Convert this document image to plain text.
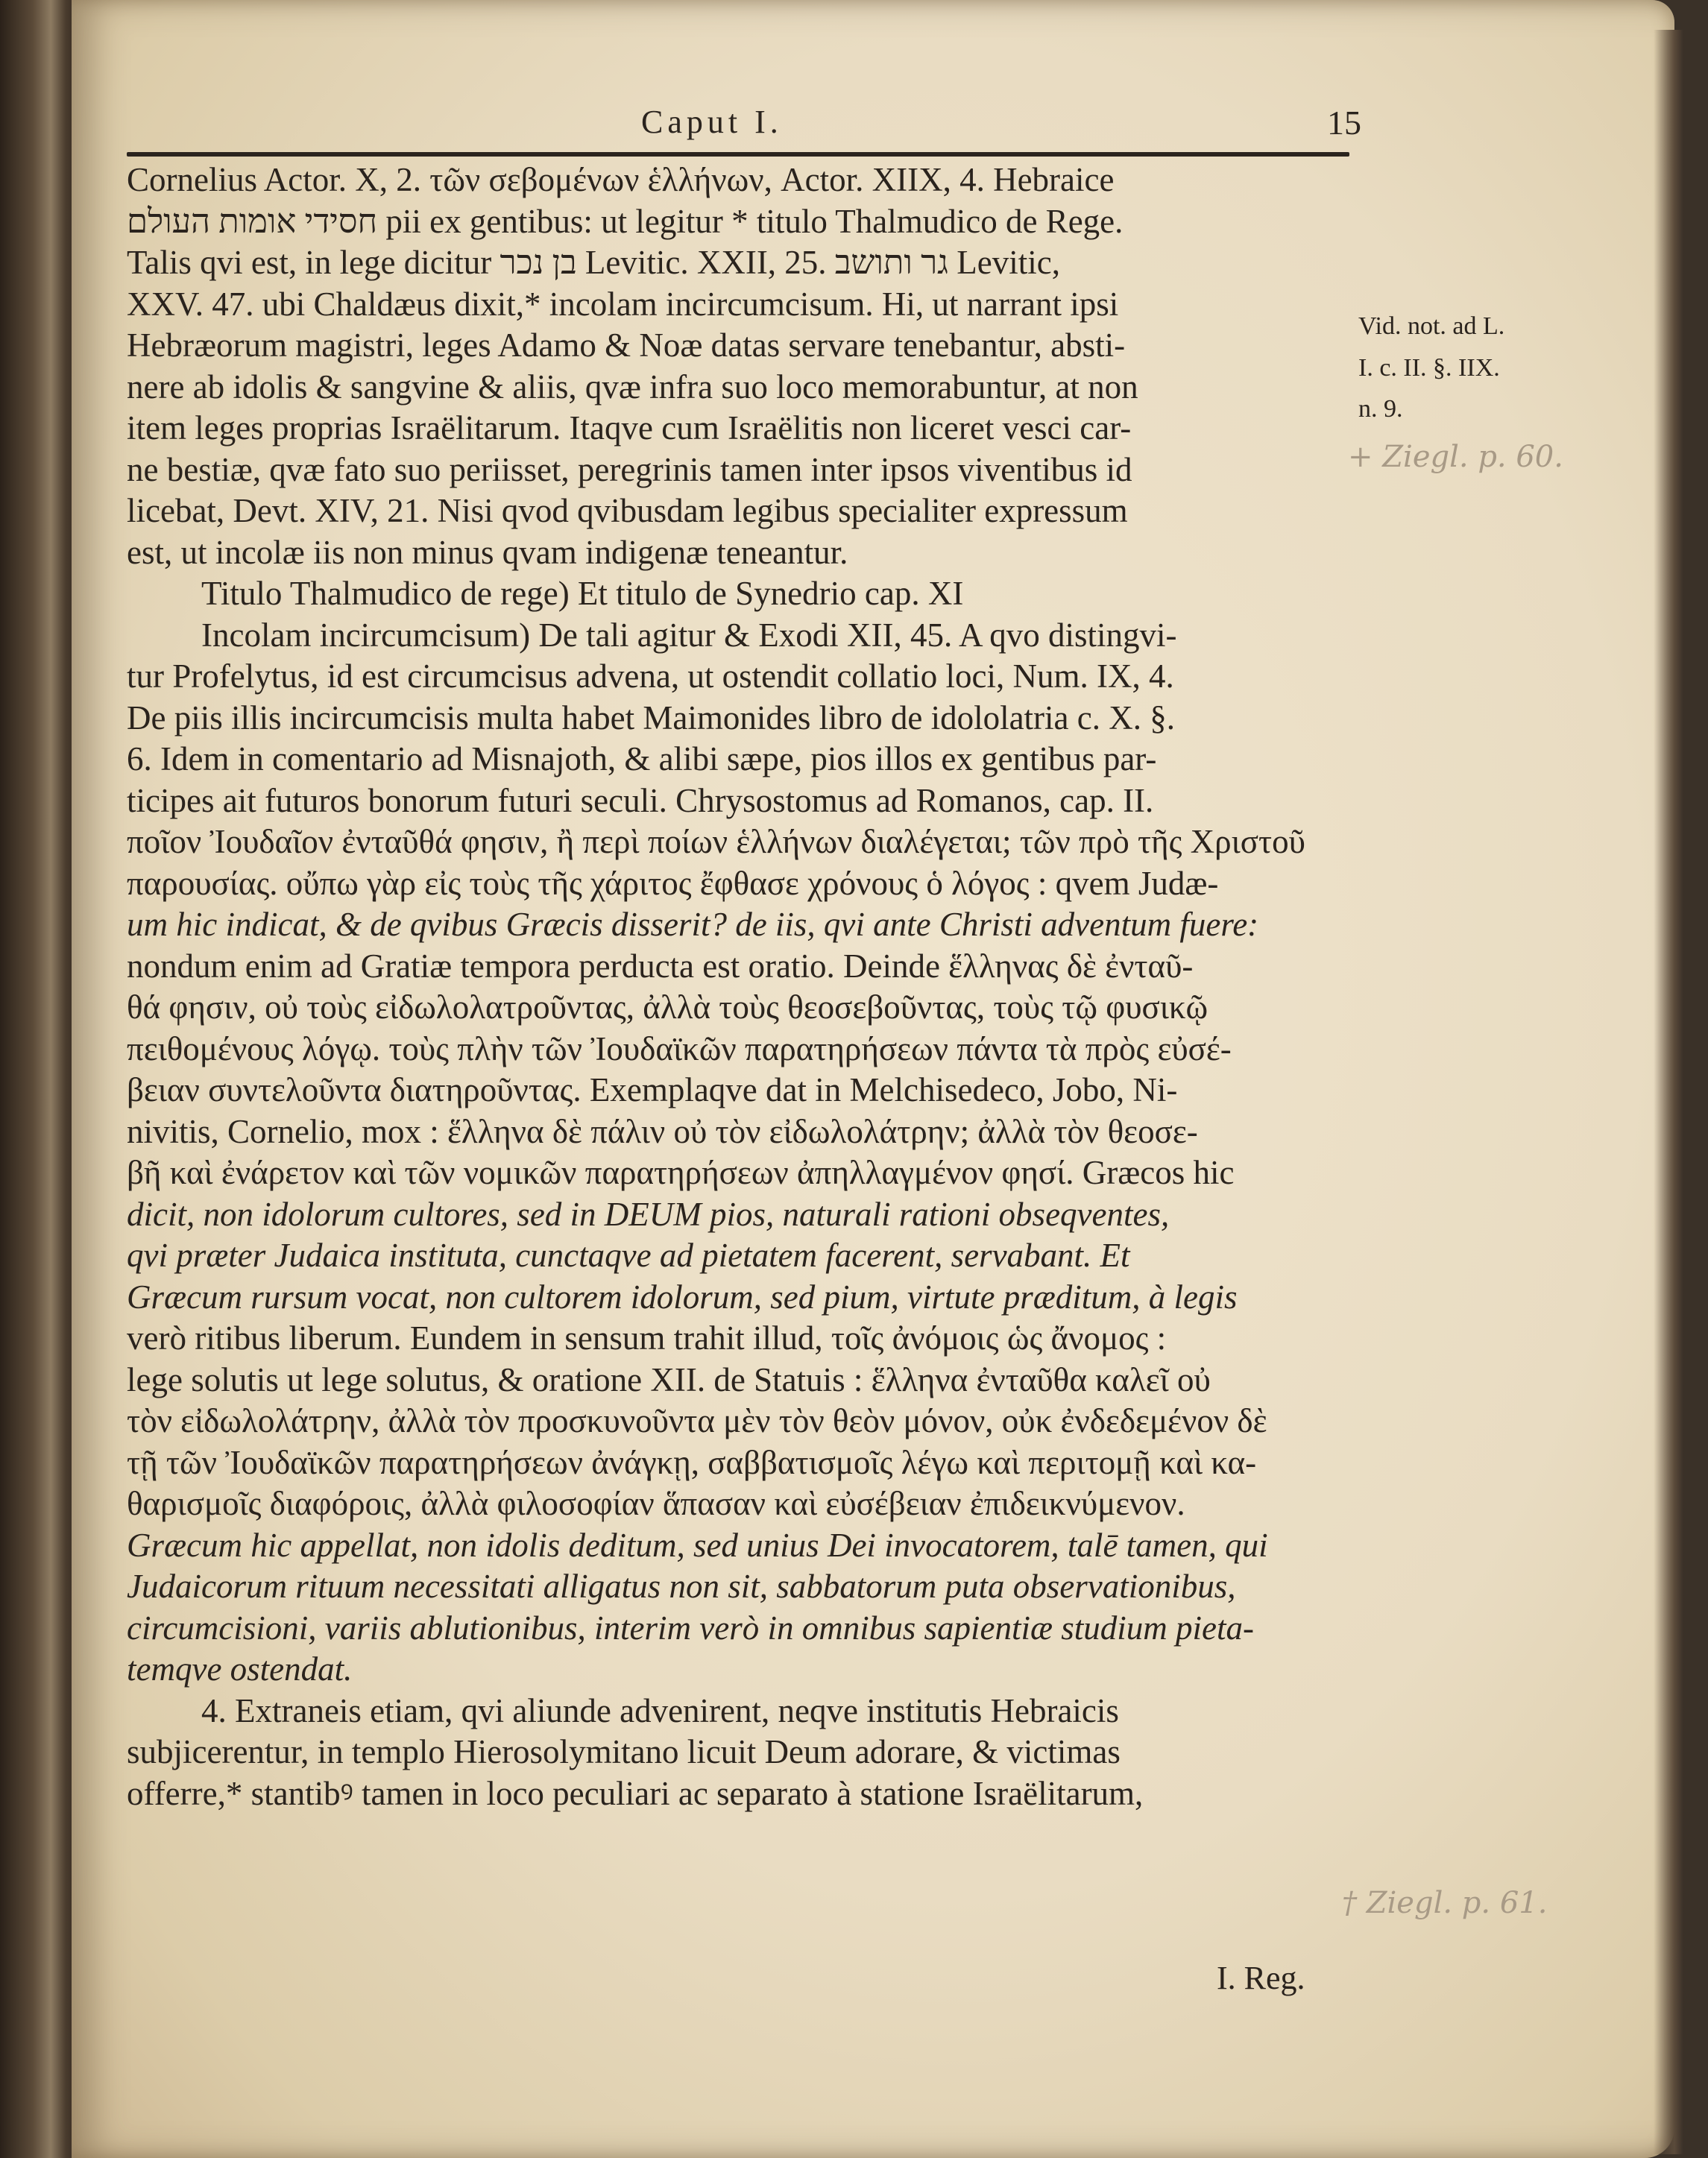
Caput I.	15
Cornelius Actor. X, 2. τῶν σεβομένων ἑλλήνων, Actor. XIIX, 4. Hebraice
חסידי אומות העולם pii ex gentibus: ut legitur * titulo Thalmudico de Rege.
Talis qvi est, in lege dicitur בן נכר Levitic. XXII, 25. גר ותושב Levitic,
XXV. 47. ubi Chaldæus dixit,* incolam incircumcisum. Hi, ut narrant ipsi
Hebræorum magistri, leges Adamo & Noæ datas servare tenebantur, absti-
nere ab idolis & sangvine & aliis, qvæ infra suo loco memorabuntur, at non
item leges proprias Israëlitarum. Itaqve cum Israëlitis non liceret vesci car-
ne bestiæ, qvæ fato suo periisset, peregrinis tamen inter ipsos viventibus id
licebat, Devt. XIV, 21. Nisi qvod qvibusdam legibus specialiter expressum
est, ut incolæ iis non minus qvam indigenæ teneantur.
Titulo Thalmudico de rege) Et titulo de Synedrio cap. XI
Incolam incircumcisum) De tali agitur & Exodi XII, 45. A qvo distingvi-
tur Profelytus, id est circumcisus advena, ut ostendit collatio loci, Num. IX, 4.
De piis illis incircumcisis multa habet Maimonides libro de idololatria c. X. §.
6. Idem in comentario ad Misnajoth, & alibi sæpe, pios illos ex gentibus par-
ticipes ait futuros bonorum futuri seculi. Chrysostomus ad Romanos, cap. II.
ποῖον Ἰουδαῖον ἐνταῦθά φησιν, ἢ περὶ ποίων ἑλλήνων διαλέγεται; τῶν πρὸ τῆς Χριστοῦ
παρουσίας. οὔπω γὰρ εἰς τοὺς τῆς χάριτος ἔφθασε χρόνους ὁ λόγος : qvem Judæ-
um hic indicat, & de qvibus Græcis disserit? de iis, qvi ante Christi adventum fuere:
nondum enim ad Gratiæ tempora perducta est oratio. Deinde ἕλληνας δὲ ἐνταῦ-
θά φησιν, οὐ τοὺς εἰδωλολατροῦντας, ἀλλὰ τοὺς θεοσεβοῦντας, τοὺς τῷ φυσικῷ
πειθομένους λόγῳ. τοὺς πλὴν τῶν Ἰουδαϊκῶν παρατηρήσεων πάντα τὰ πρὸς εὐσέ-
βειαν συντελοῦντα διατηροῦντας. Exemplaqve dat in Melchisedeco, Jobo, Ni-
nivitis, Cornelio, mox : ἕλληνα δὲ πάλιν οὐ τὸν εἰδωλολάτρην; ἀλλὰ τὸν θεοσε-
βῆ καὶ ἐνάρετον καὶ τῶν νομικῶν παρατηρήσεων ἀπηλλαγμένον φησί. Græcos hic
dicit, non idolorum cultores, sed in DEUM pios, naturali rationi obseqventes,
qvi præter Judaica instituta, cunctaqve ad pietatem facerent, servabant. Et
Græcum rursum vocat, non cultorem idolorum, sed pium, virtute præditum, à legis
verò ritibus liberum. Eundem in sensum trahit illud, τοῖς ἀνόμοις ὡς ἄνομος :
lege solutis ut lege solutus, & oratione XII. de Statuis : ἕλληνα ἐνταῦθα καλεῖ οὐ
τὸν εἰδωλολάτρην, ἀλλὰ τὸν προσκυνοῦντα μὲν τὸν θεὸν μόνον, οὐκ ἐνδεδεμένον δὲ
τῇ τῶν Ἰουδαϊκῶν παρατηρήσεων ἀνάγκῃ, σαββατισμοῖς λέγω καὶ περιτομῇ καὶ κα-
θαρισμοῖς διαφόροις, ἀλλὰ φιλοσοφίαν ἅπασαν καὶ εὐσέβειαν ἐπιδεικνύμενον.
Græcum hic appellat, non idolis deditum, sed unius Dei invocatorem, talē tamen, qui
Judaicorum rituum necessitati alligatus non sit, sabbatorum puta observationibus,
circumcisioni, variis ablutionibus, interim verò in omnibus sapientiæ studium pieta-
temqve ostendat.
4. Extraneis etiam, qvi aliunde advenirent, neqve institutis Hebraicis
subjicerentur, in templo Hierosolymitano licuit Deum adorare, & victimas
offerre,* stantibꝰ tamen in loco peculiari ac separato à statione Israëlitarum,
Vid. not. ad L.
I. c. II. §. IIX.
n. 9.
+ Ziegl. p. 60.
† Ziegl. p. 61.
I. Reg.
